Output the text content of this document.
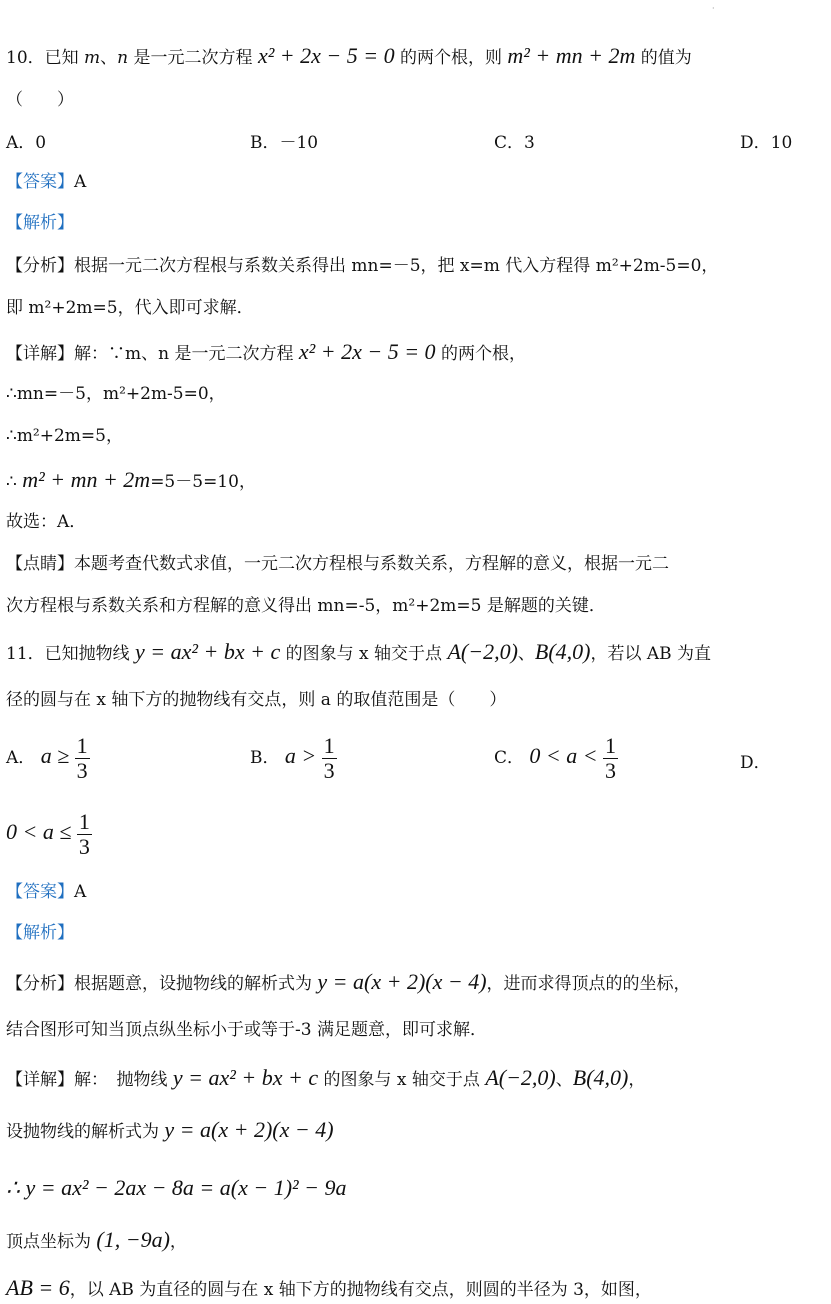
·
10．已知 m、n 是一元二次方程 x² + 2x − 5 = 0 的两个根，则 m² + mn + 2m 的值为
（　　）
A．0	B．－10	C．3	D．10
【答案】A
【解析】
【分析】根据一元二次方程根与系数关系得出 mn=－5，把 x=m 代入方程得 m²+2m-5=0，
即 m²+2m=5，代入即可求解．
【详解】解：∵m、n 是一元二次方程 x² + 2x − 5 = 0 的两个根，
∴mn=－5，m²+2m-5=0，
∴m²+2m=5，
∴ m² + mn + 2m=5－5=10，
故选：A．
【点睛】本题考查代数式求值，一元二次方程根与系数关系，方程解的意义，根据一元二
次方程根与系数关系和方程解的意义得出 mn=-5，m²+2m=5 是解题的关键．
11．已知抛物线 y = ax² + bx + c 的图象与 x 轴交于点 A(−2,0)、B(4,0)，若以 AB 为直
径的圆与在 x 轴下方的抛物线有交点，则 a 的取值范围是（　　）
A． $a \ge \frac{1}{3}$	B． $a > \frac{1}{3}$	C． $0 < a < \frac{1}{3}$	D．
$0 < a \le \frac{1}{3}$
【答案】A
【解析】
【分析】根据题意，设抛物线的解析式为 y = a(x + 2)(x − 4)，进而求得顶点的的坐标，
结合图形可知当顶点纵坐标小于或等于-3 满足题意，即可求解．
【详解】解：　抛物线 y = ax² + bx + c 的图象与 x 轴交于点 A(−2,0)、B(4,0)，
设抛物线的解析式为 y = a(x + 2)(x − 4)
∴ y = ax² − 2ax − 8a = a(x − 1)² − 9a
顶点坐标为 (1, −9a)，
AB = 6，以 AB 为直径的圆与在 x 轴下方的抛物线有交点，则圆的半径为 3，如图，
